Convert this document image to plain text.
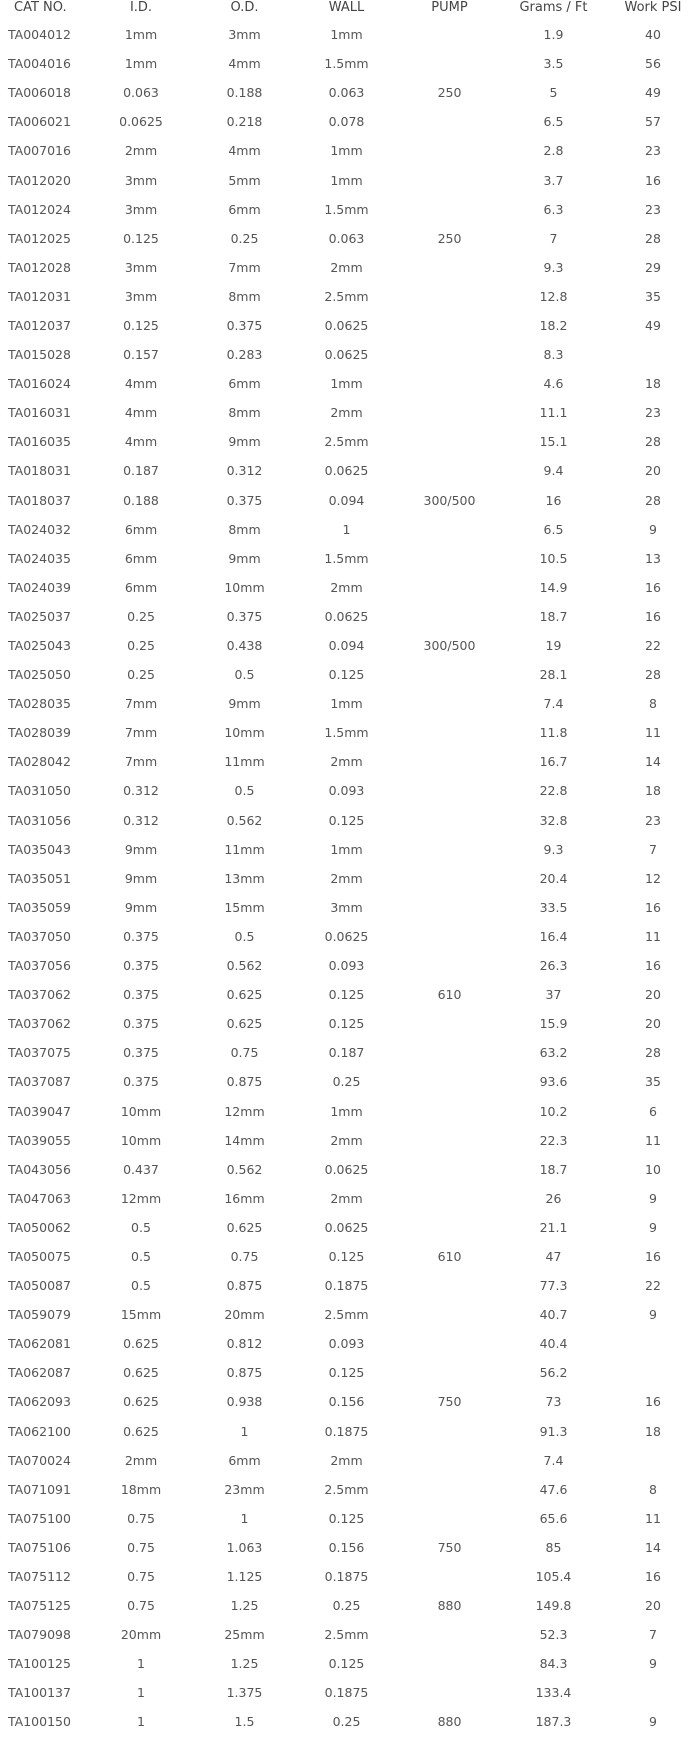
CAT NO.	I.D.	O.D.	WALL	PUMP	Grams / Ft	Work PSI
TA004012	1mm	3mm	1mm		1.9	40
TA004016	1mm	4mm	1.5mm		3.5	56
TA006018	0.063	0.188	0.063	250	5	49
TA006021	0.0625	0.218	0.078		6.5	57
TA007016	2mm	4mm	1mm		2.8	23
TA012020	3mm	5mm	1mm		3.7	16
TA012024	3mm	6mm	1.5mm		6.3	23
TA012025	0.125	0.25	0.063	250	7	28
TA012028	3mm	7mm	2mm		9.3	29
TA012031	3mm	8mm	2.5mm		12.8	35
TA012037	0.125	0.375	0.0625		18.2	49
TA015028	0.157	0.283	0.0625		8.3	
TA016024	4mm	6mm	1mm		4.6	18
TA016031	4mm	8mm	2mm		11.1	23
TA016035	4mm	9mm	2.5mm		15.1	28
TA018031	0.187	0.312	0.0625		9.4	20
TA018037	0.188	0.375	0.094	300/500	16	28
TA024032	6mm	8mm	1		6.5	9
TA024035	6mm	9mm	1.5mm		10.5	13
TA024039	6mm	10mm	2mm		14.9	16
TA025037	0.25	0.375	0.0625		18.7	16
TA025043	0.25	0.438	0.094	300/500	19	22
TA025050	0.25	0.5	0.125		28.1	28
TA028035	7mm	9mm	1mm		7.4	8
TA028039	7mm	10mm	1.5mm		11.8	11
TA028042	7mm	11mm	2mm		16.7	14
TA031050	0.312	0.5	0.093		22.8	18
TA031056	0.312	0.562	0.125		32.8	23
TA035043	9mm	11mm	1mm		9.3	7
TA035051	9mm	13mm	2mm		20.4	12
TA035059	9mm	15mm	3mm		33.5	16
TA037050	0.375	0.5	0.0625		16.4	11
TA037056	0.375	0.562	0.093		26.3	16
TA037062	0.375	0.625	0.125	610	37	20
TA037062	0.375	0.625	0.125		15.9	20
TA037075	0.375	0.75	0.187		63.2	28
TA037087	0.375	0.875	0.25		93.6	35
TA039047	10mm	12mm	1mm		10.2	6
TA039055	10mm	14mm	2mm		22.3	11
TA043056	0.437	0.562	0.0625		18.7	10
TA047063	12mm	16mm	2mm		26	9
TA050062	0.5	0.625	0.0625		21.1	9
TA050075	0.5	0.75	0.125	610	47	16
TA050087	0.5	0.875	0.1875		77.3	22
TA059079	15mm	20mm	2.5mm		40.7	9
TA062081	0.625	0.812	0.093		40.4	
TA062087	0.625	0.875	0.125		56.2	
TA062093	0.625	0.938	0.156	750	73	16
TA062100	0.625	1	0.1875		91.3	18
TA070024	2mm	6mm	2mm		7.4	
TA071091	18mm	23mm	2.5mm		47.6	8
TA075100	0.75	1	0.125		65.6	11
TA075106	0.75	1.063	0.156	750	85	14
TA075112	0.75	1.125	0.1875		105.4	16
TA075125	0.75	1.25	0.25	880	149.8	20
TA079098	20mm	25mm	2.5mm		52.3	7
TA100125	1	1.25	0.125		84.3	9
TA100137	1	1.375	0.1875		133.4	
TA100150	1	1.5	0.25	880	187.3	9
